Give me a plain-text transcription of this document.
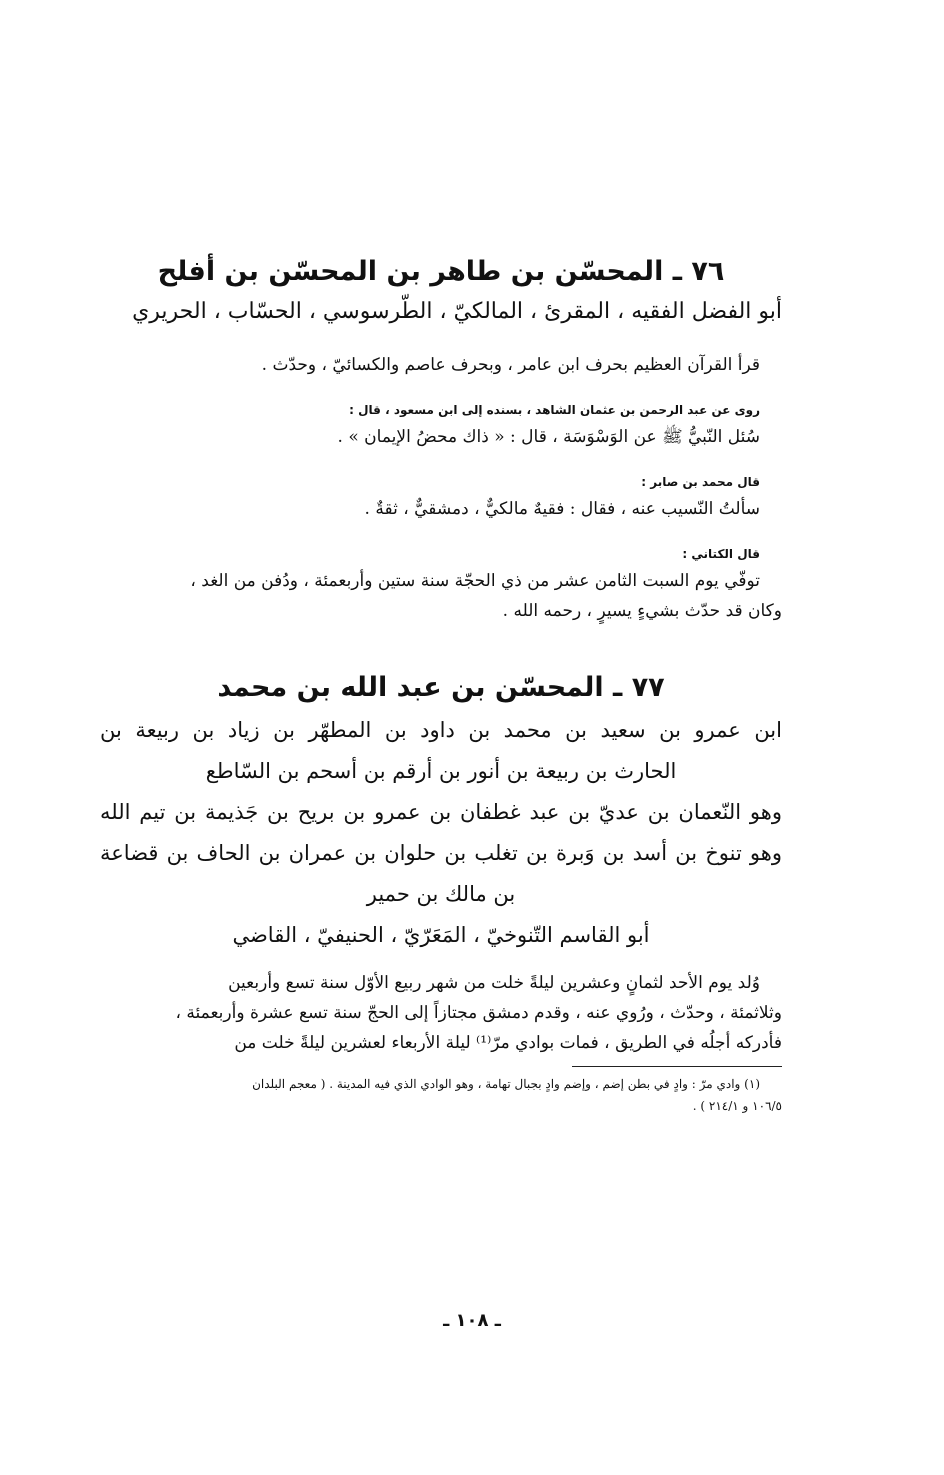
٧٦ ـ المحسّن بن طاهر بن المحسّن بن أفلح

أبو الفضل الفقيه ، المقرئ ، المالكيّ ، الطّرسوسي ، الحسّاب ، الحريري

قرأ القرآن العظيم بحرف ابن عامر ، وبحرف عاصم والكسائيّ ، وحدّث .

روى عن عبد الرحمن بن عثمان الشاهد ، بسنده إلى ابن مسعود ، قال :

سُئل النّبيُّ ﷺ عن الوَسْوَسَة ، قال : « ذاك محضُ الإيمان » .

قال محمد بن صابر :

سألتُ النّسيب عنه ، فقال : فقيهٌ مالكيٌّ ، دمشقيٌّ ، ثقةٌ .

قال الكتاني :

توفّي يوم السبت الثامن عشر من ذي الحجّة سنة ستين وأربعمئة ، ودُفن من الغد ،

وكان قد حدّث بشيءٍ يسيرٍ ، رحمه الله .

٧٧ ـ المحسّن بن عبد الله بن محمد

ابن عمرو بن سعيد بن محمد بن داود بن المطهّر بن زياد بن ربيعة بن

الحارث بن ربيعة بن أنور بن أرقم بن أسحم بن السّاطع

وهو النّعمان بن عديّ بن عبد غطفان بن عمرو بن بريح بن جَذيمة بن تيم الله

وهو تنوخ بن أسد بن وَبرة بن تغلب بن حلوان بن عمران بن الحاف بن قضاعة

بن مالك بن حمير

أبو القاسم التّنوخيّ ، المَعَرّيّ ، الحنيفيّ ، القاضي

وُلد يوم الأحد لثمانٍ وعشرين ليلةً خلت من شهر ربيع الأوّل سنة تسع وأربعين

وثلاثمئة ، وحدّث ، ورُوي عنه ، وقدم دمشق مجتازاً إلى الحجّ سنة تسع عشرة وأربعمئة ،

فأدركه أجلُه في الطريق ، فمات بوادي مرّ⁽¹⁾ ليلة الأربعاء لعشرين ليلةً خلت من

(١) وادي مرّ : وادٍ في بطن إضم ، وإضم وادٍ بجبال تهامة ، وهو الوادي الذي فيه المدينة . ( معجم البلدان

١٠٦/٥ و ٢١٤/١ ) .

ـ ١٠٨ ـ
